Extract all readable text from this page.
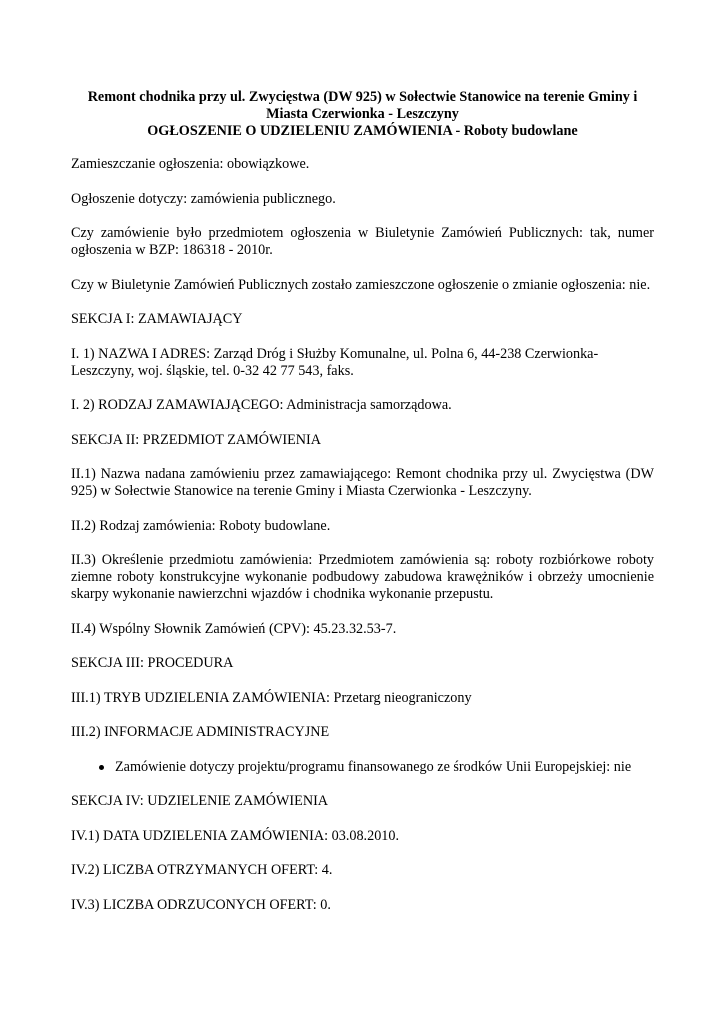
Remont chodnika przy ul. Zwycięstwa (DW 925) w Sołectwie Stanowice na terenie Gminy i
Miasta Czerwionka - Leszczyny
OGŁOSZENIE O UDZIELENIU ZAMÓWIENIA - Roboty budowlane

Zamieszczanie ogłoszenia: obowiązkowe.

Ogłoszenie dotyczy: zamówienia publicznego.

Czy zamówienie było przedmiotem ogłoszenia w Biuletynie Zamówień Publicznych: tak, numer ogłoszenia w BZP: 186318 - 2010r.

Czy w Biuletynie Zamówień Publicznych zostało zamieszczone ogłoszenie o zmianie ogłoszenia: nie.

SEKCJA I: ZAMAWIAJĄCY

I. 1) NAZWA I ADRES: Zarząd Dróg i Służby Komunalne, ul. Polna 6, 44-238 Czerwionka-Leszczyny, woj. śląskie, tel. 0-32 42 77 543, faks.

I. 2) RODZAJ ZAMAWIAJĄCEGO: Administracja samorządowa.

SEKCJA II: PRZEDMIOT ZAMÓWIENIA

II.1) Nazwa nadana zamówieniu przez zamawiającego: Remont chodnika przy ul. Zwycięstwa (DW 925) w Sołectwie Stanowice na terenie Gminy i Miasta Czerwionka - Leszczyny.

II.2) Rodzaj zamówienia: Roboty budowlane.

II.3) Określenie przedmiotu zamówienia: Przedmiotem zamówienia są: roboty rozbiórkowe roboty ziemne roboty konstrukcyjne wykonanie podbudowy zabudowa krawężników i obrzeży umocnienie skarpy wykonanie nawierzchni wjazdów i chodnika wykonanie przepustu.

II.4) Wspólny Słownik Zamówień (CPV): 45.23.32.53-7.

SEKCJA III: PROCEDURA

III.1) TRYB UDZIELENIA ZAMÓWIENIA: Przetarg nieograniczony

III.2) INFORMACJE ADMINISTRACYJNE

Zamówienie dotyczy projektu/programu finansowanego ze środków Unii Europejskiej: nie

SEKCJA IV: UDZIELENIE ZAMÓWIENIA

IV.1) DATA UDZIELENIA ZAMÓWIENIA: 03.08.2010.

IV.2) LICZBA OTRZYMANYCH OFERT: 4.

IV.3) LICZBA ODRZUCONYCH OFERT: 0.
